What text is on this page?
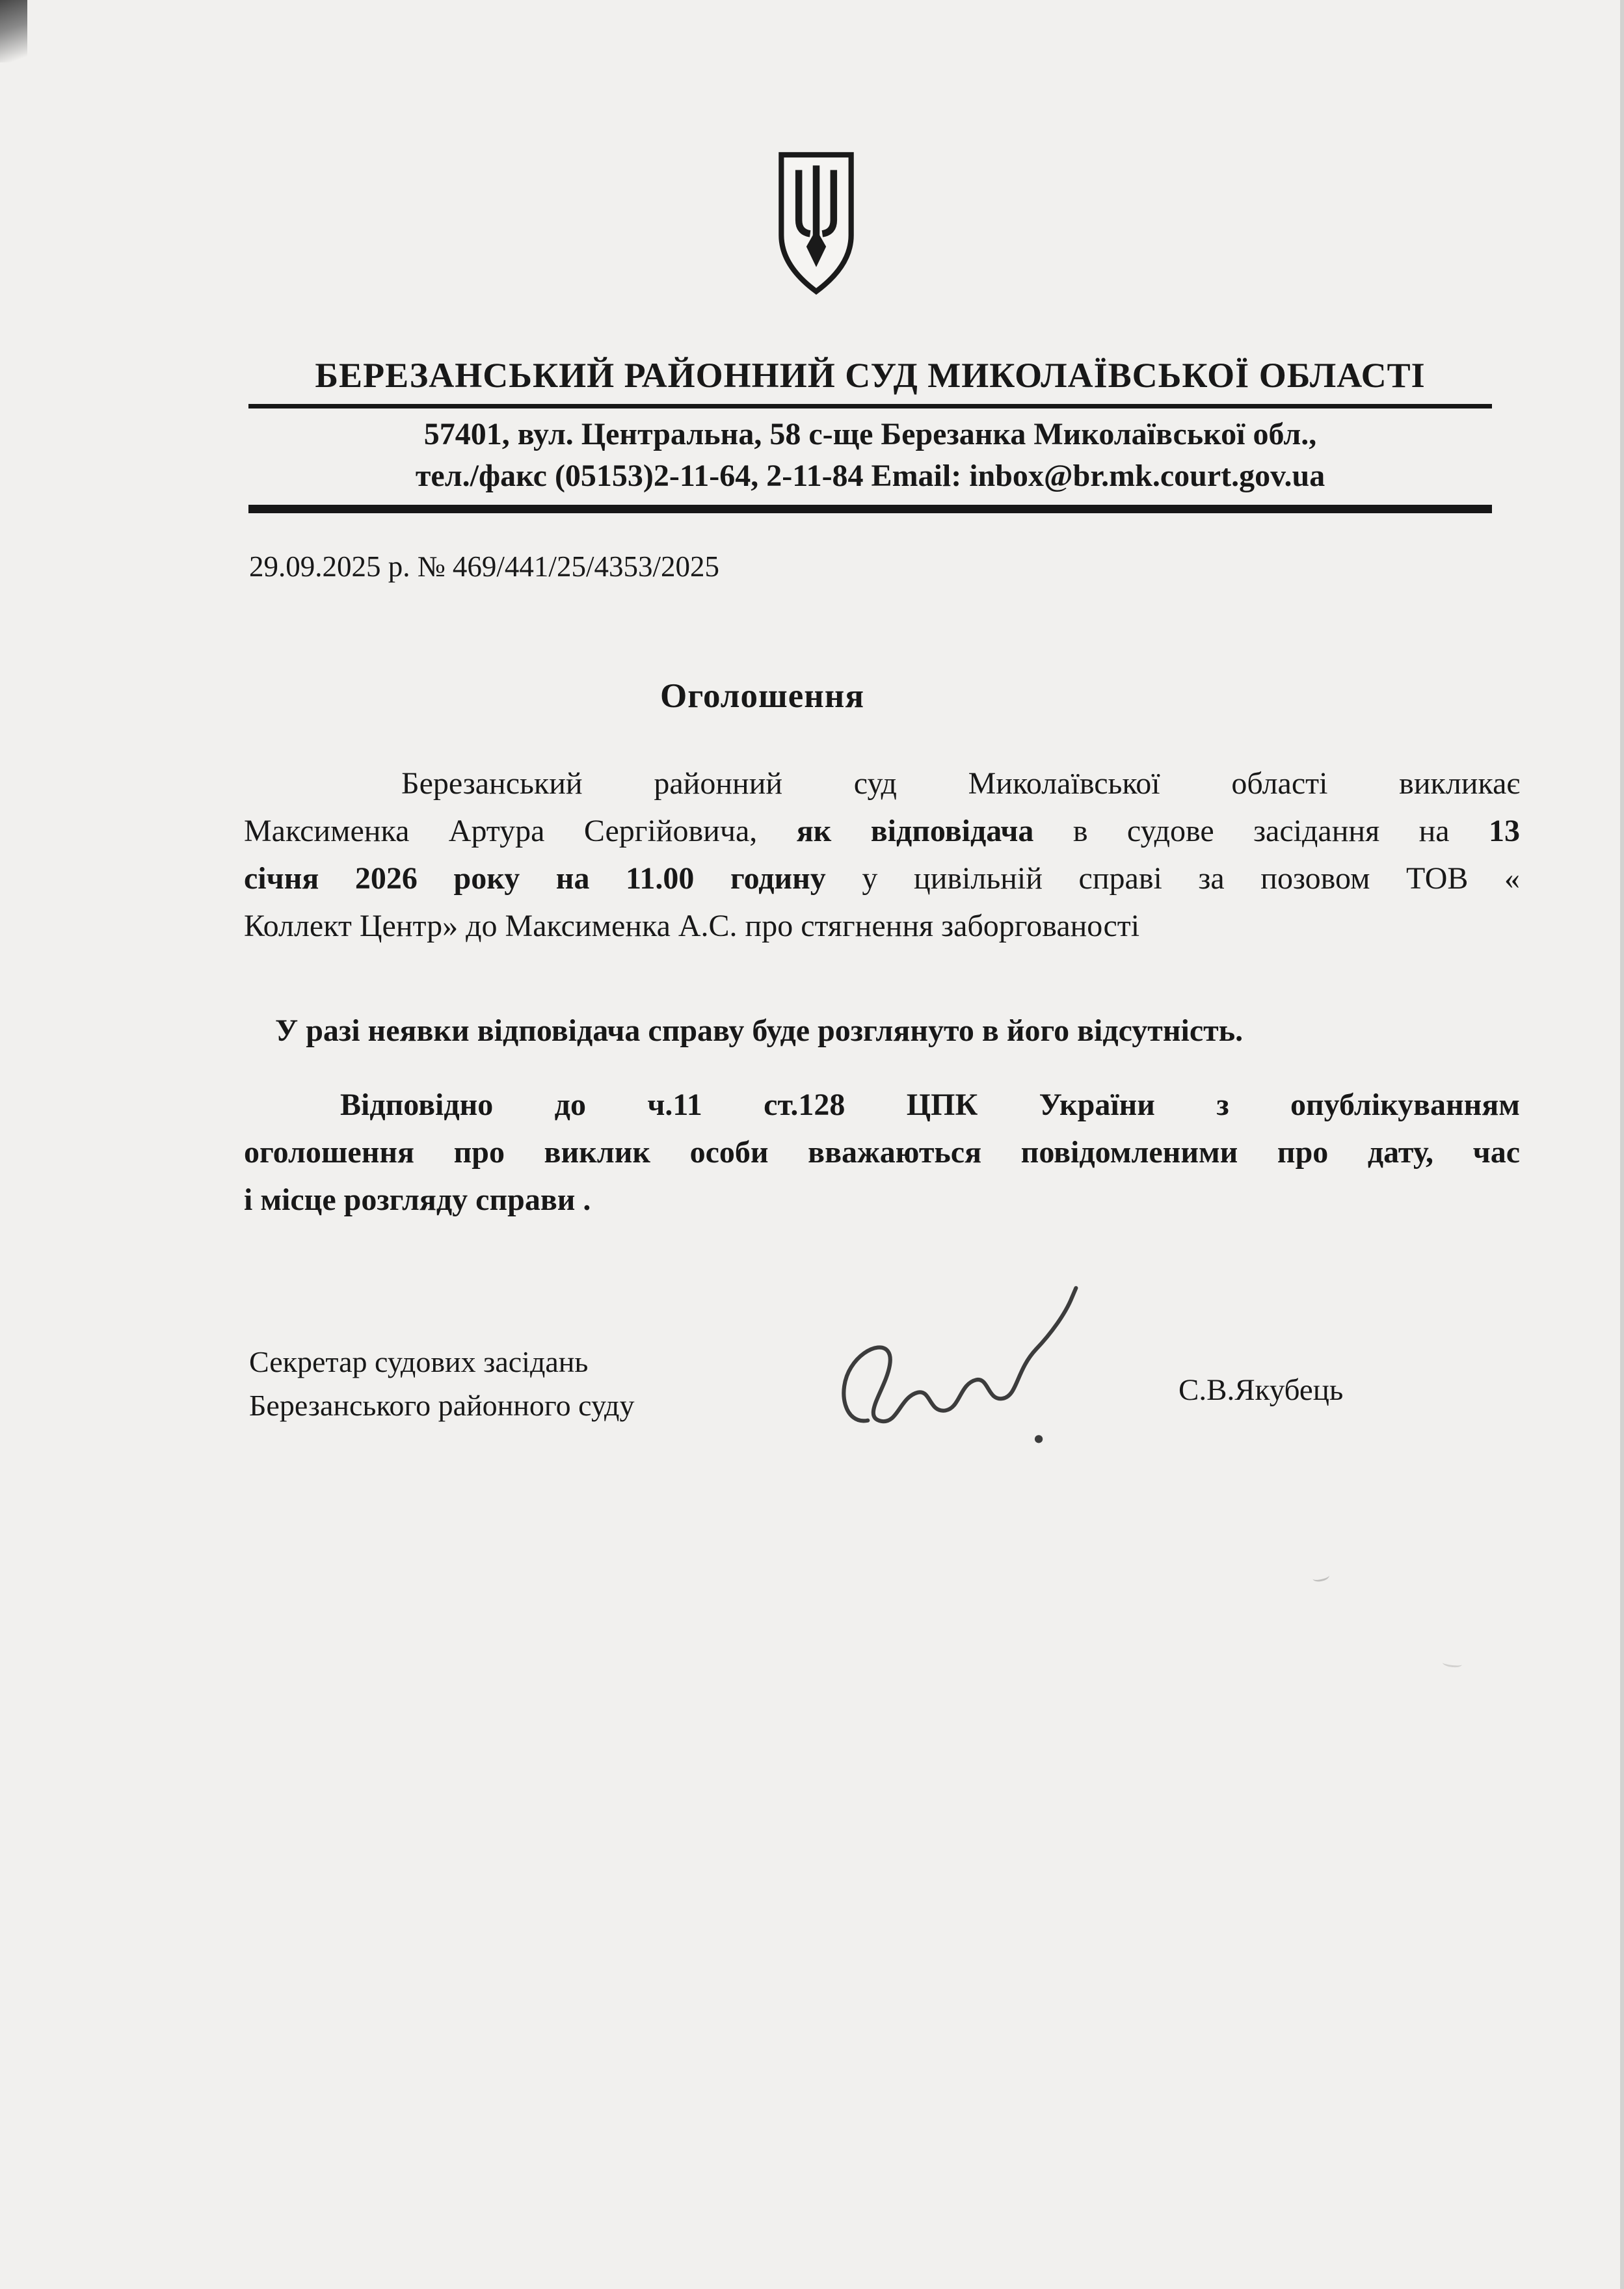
БЕРЕЗАНСЬКИЙ РАЙОННИЙ СУД МИКОЛАЇВСЬКОЇ ОБЛАСТІ
57401, вул. Центральна, 58 с-ще Березанка Миколаївської обл.,
тел./факс (05153)2-11-64, 2-11-84 Email: inbox@br.mk.court.gov.ua
29.09.2025 р. № 469/441/25/4353/2025
Оголошення
Березанський районний суд Миколаївської області викликає
Максименка Артура Сергійовича, як відповідача в судове засідання на 13
січня 2026 року на 11.00 годину у цивільній справі за позовом ТОВ «
Коллект Центр» до Максименка А.С. про стягнення заборгованості

У разі неявки відповідача справу буде розглянуто в його відсутність.

Відповідно до ч.11 ст.128 ЦПК України з опублікуванням
оголошення про виклик особи вважаються повідомленими про дату, час
і місце розгляду справи .
Секретар судових засідань
Березанського районного суду	С.В.Якубець
